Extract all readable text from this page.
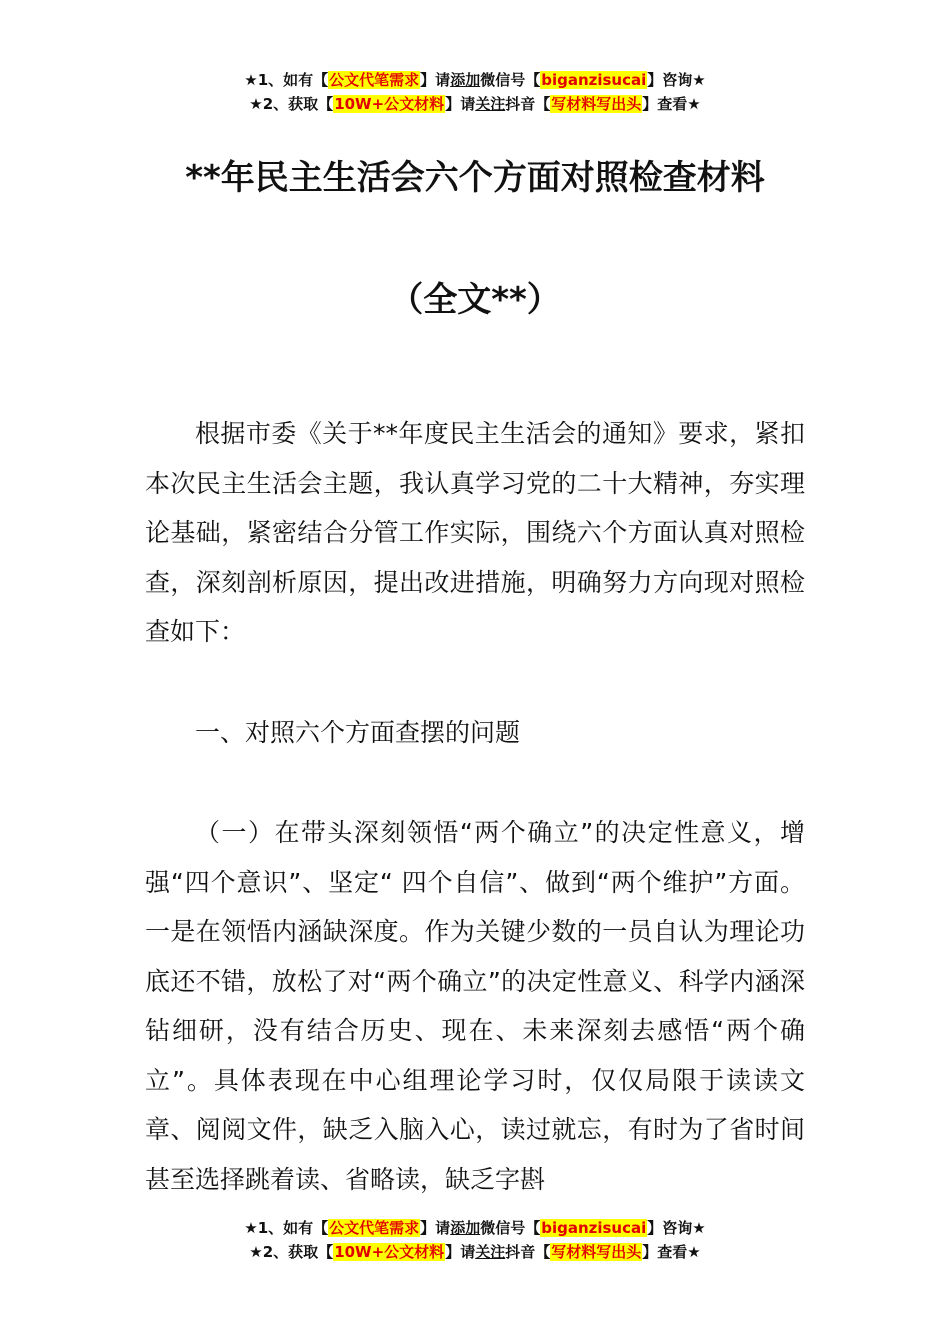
★1、如有【公文代笔需求】请添加微信号【biganzisucai】咨询★
★2、获取【10W+公文材料】请关注抖音【写材料写出头】查看★
**年民主生活会六个方面对照检查材料
（全文**）

根据市委《关于**年度民主生活会的通知》要求，紧扣本次民主生活会主题，我认真学习党的二十大精神，夯实理论基础，紧密结合分管工作实际，围绕六个方面认真对照检查，深刻剖析原因，提出改进措施，明确努力方向现对照检查如下：

一、对照六个方面查摆的问题

（一）在带头深刻领悟“两个确立”的决定性意义，增强“四个意识”、坚定“ 四个自信”、做到“两个维护”方面。一是在领悟内涵缺深度。作为关键少数的一员自认为理论功底还不错，放松了对“两个确立”的决定性意义、科学内涵深钻细研，没有结合历史、现在、未来深刻去感悟“两个确立”。具体表现在中心组理论学习时，仅仅局限于读读文章、阅阅文件，缺乏入脑入心，读过就忘，有时为了省时间甚至选择跳着读、省略读，缺乏字斟

★1、如有【公文代笔需求】请添加微信号【biganzisucai】咨询★
★2、获取【10W+公文材料】请关注抖音【写材料写出头】查看★
